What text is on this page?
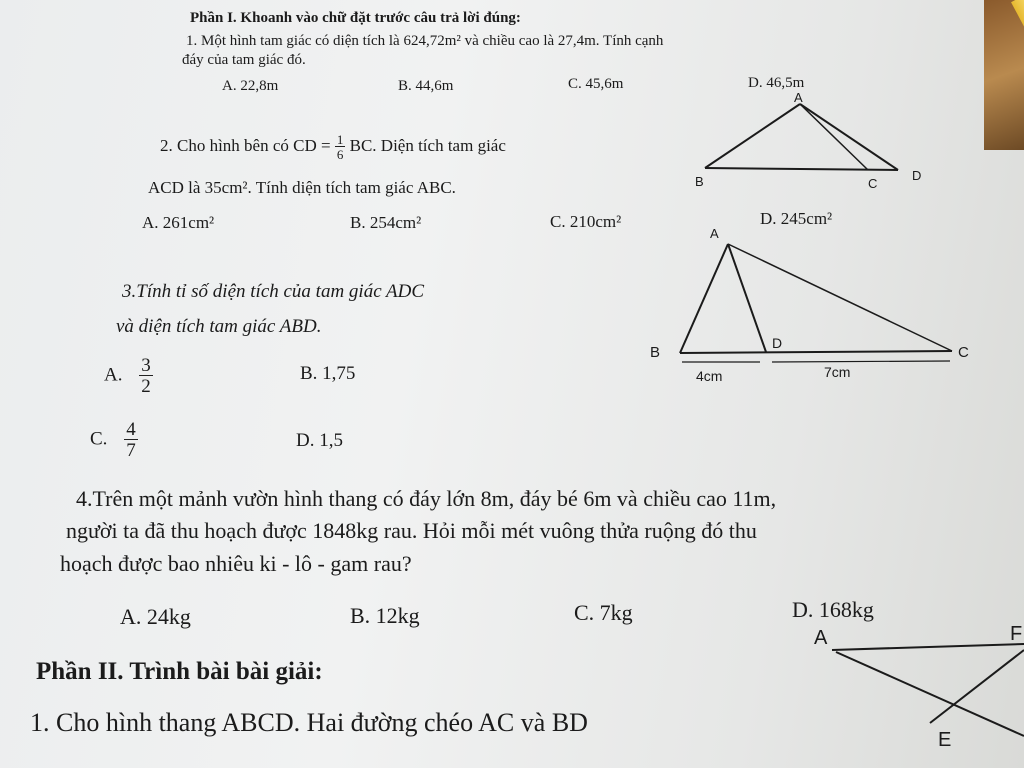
Phần I. Khoanh vào chữ đặt trước câu trả lời đúng:
1. Một hình tam giác có diện tích là 624,72m² và chiều cao là 27,4m. Tính cạnh
đáy của tam giác đó.
A. 22,8m	B. 44,6m	C. 45,6m	D. 46,5m
2. Cho hình bên có CD = $\frac{1}{6}$ BC. Diện tích tam giác
ACD là 35cm². Tính diện tích tam giác ABC.
A. 261cm²	B. 254cm²	C. 210cm²	D. 245cm²
3.Tính tỉ số diện tích của tam giác ADC
và diện tích tam giác ABD.
A. $\frac{3}{2}$	B. 1,75
C. $\frac{4}{7}$	D. 1,5
4.Trên một mảnh vườn hình thang có đáy lớn 8m, đáy bé 6m và chiều cao 11m,
người ta đã thu hoạch được 1848kg rau. Hỏi mỗi mét vuông thửa ruộng đó thu
hoạch được bao nhiêu ki - lô - gam rau?
A. 24kg	B. 12kg	C. 7kg	D. 168kg
Phần II. Trình bài bài giải:
1. Cho hình thang ABCD. Hai đường chéo AC và BD
A
B	C
D
A
B	C
D
4cm	7cm
A	F
E
